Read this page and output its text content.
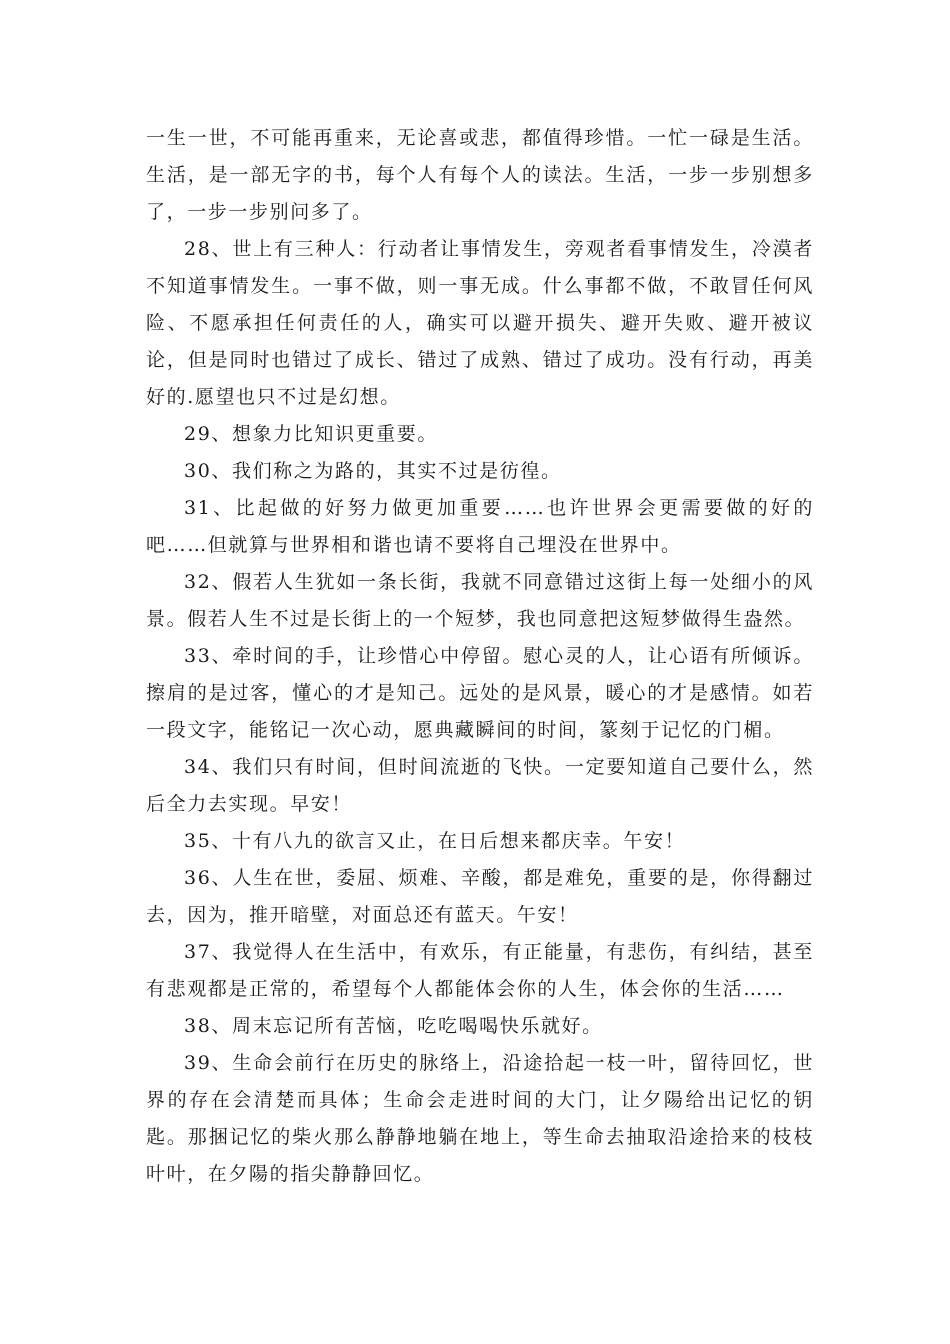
一生一世，不可能再重来，无论喜或悲，都值得珍惜。一忙一碌是生活。生活，是一部无字的书，每个人有每个人的读法。生活，一步一步别想多了，一步一步别问多了。

28、世上有三种人：行动者让事情发生，旁观者看事情发生，冷漠者不知道事情发生。一事不做，则一事无成。什么事都不做，不敢冒任何风险、不愿承担任何责任的人，确实可以避开损失、避开失败、避开被议论，但是同时也错过了成长、错过了成熟、错过了成功。没有行动，再美好的.愿望也只不过是幻想。

29、想象力比知识更重要。

30、我们称之为路的，其实不过是彷徨。

31、比起做的好努力做更加重要……也许世界会更需要做的好的吧……但就算与世界相和谐也请不要将自己埋没在世界中。

32、假若人生犹如一条长街，我就不同意错过这街上每一处细小的风景。假若人生不过是长街上的一个短梦，我也同意把这短梦做得生盎然。

33、牵时间的手，让珍惜心中停留。慰心灵的人，让心语有所倾诉。擦肩的是过客，懂心的才是知己。远处的是风景，暖心的才是感情。如若一段文字，能铭记一次心动，愿典藏瞬间的时间，篆刻于记忆的门楣。

34、我们只有时间，但时间流逝的飞快。一定要知道自己要什么，然后全力去实现。早安！

35、十有八九的欲言又止，在日后想来都庆幸。午安！

36、人生在世，委屈、烦难、辛酸，都是难免，重要的是，你得翻过去，因为，推开暗壁，对面总还有蓝天。午安！

37、我觉得人在生活中，有欢乐，有正能量，有悲伤，有纠结，甚至有悲观都是正常的，希望每个人都能体会你的人生，体会你的生活……

38、周末忘记所有苦恼，吃吃喝喝快乐就好。

39、生命会前行在历史的脉络上，沿途拾起一枝一叶，留待回忆，世界的存在会清楚而具体；生命会走进时间的大门，让夕陽给出记忆的钥匙。那捆记忆的柴火那么静静地躺在地上，等生命去抽取沿途拾来的枝枝叶叶，在夕陽的指尖静静回忆。
